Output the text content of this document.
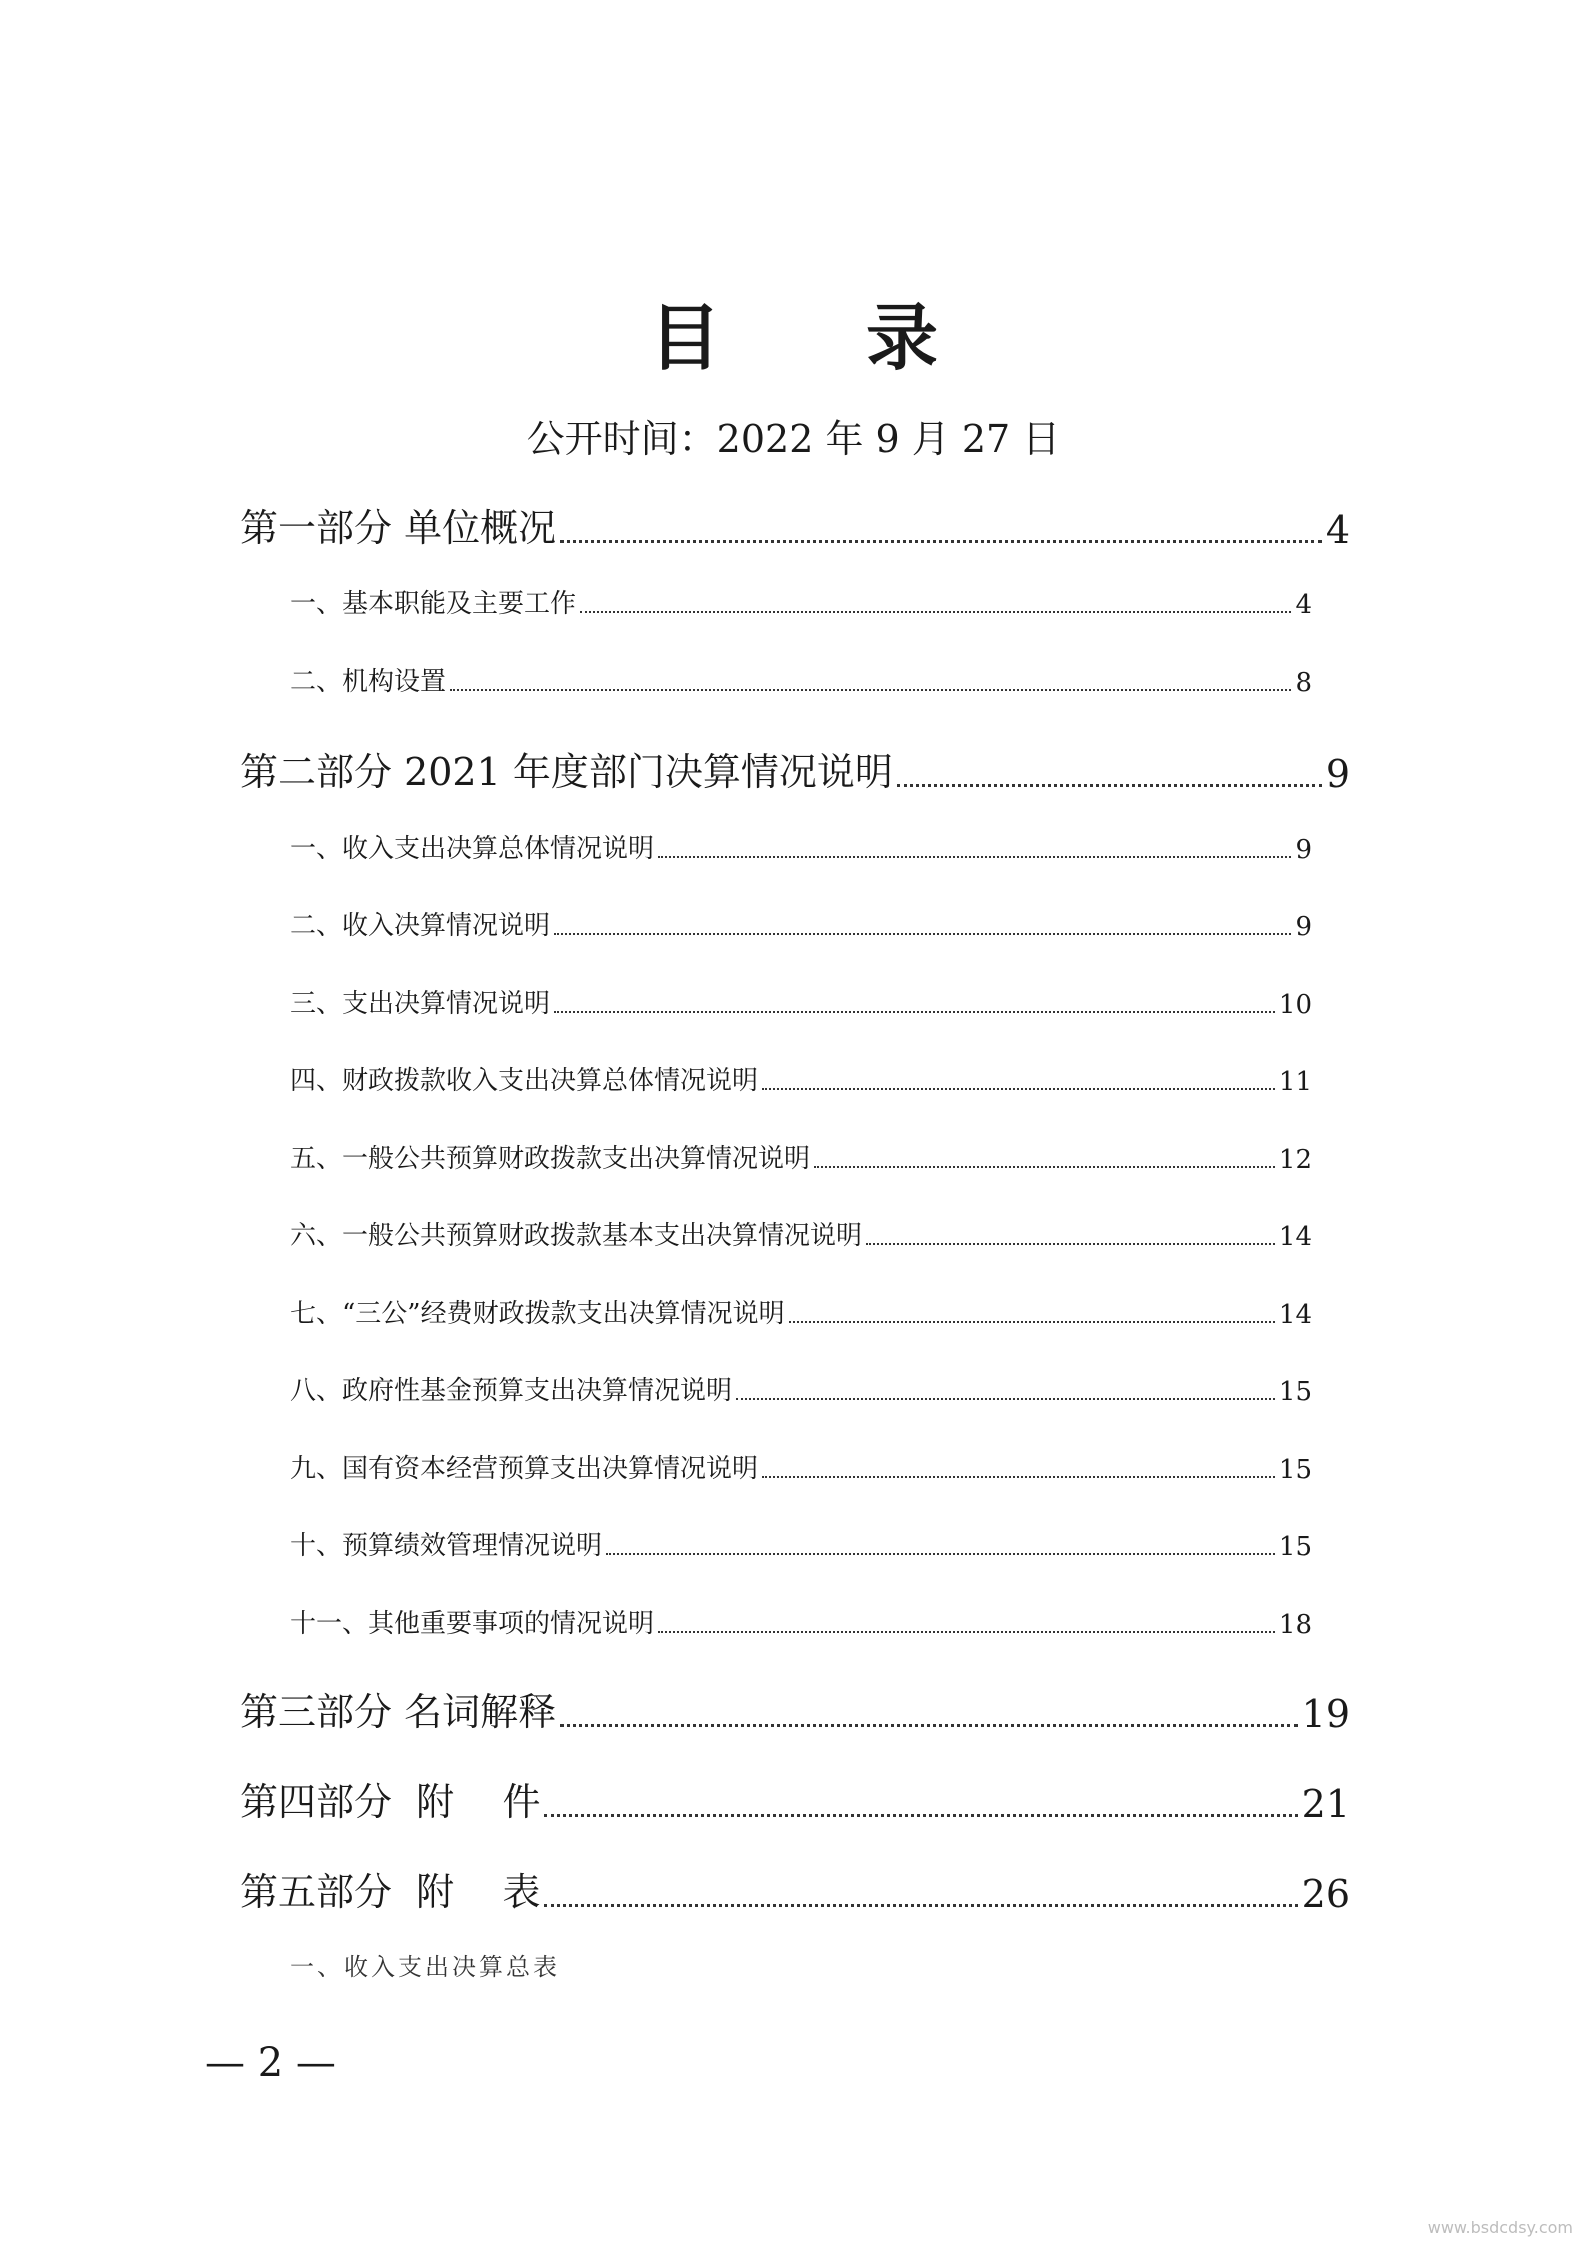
目 录

公开时间：2022 年 9 月 27 日

第一部分 单位概况	4
一、基本职能及主要工作	4
二、机构设置	8
第二部分 2021 年度部门决算情况说明	9
一、收入支出决算总体情况说明	9
二、收入决算情况说明	9
三、支出决算情况说明	10
四、财政拨款收入支出决算总体情况说明	11
五、一般公共预算财政拨款支出决算情况说明	12
六、一般公共预算财政拨款基本支出决算情况说明	14
七、“三公”经费财政拨款支出决算情况说明	14
八、政府性基金预算支出决算情况说明	15
九、国有资本经营预算支出决算情况说明	15
十、预算绩效管理情况说明	15
十一、其他重要事项的情况说明	18
第三部分 名词解释	19
第四部分  附    件	21
第五部分  附    表	26
一、收入支出决算总表

— 2 —

www.bsdcdsy.com
